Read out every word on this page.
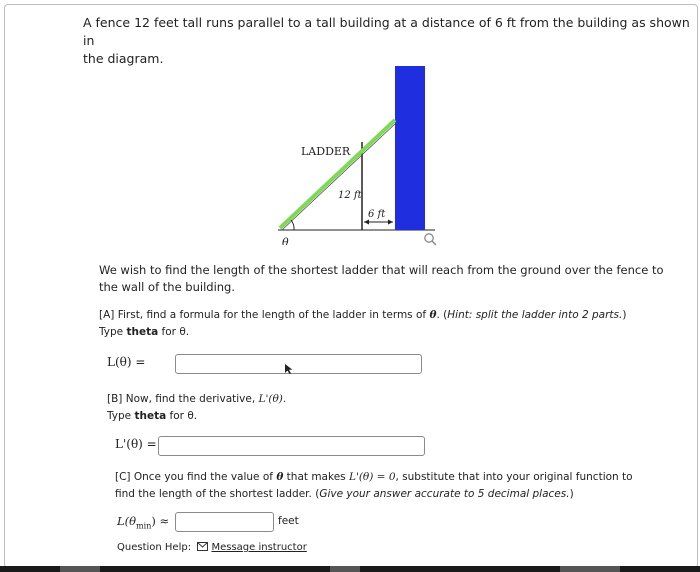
A fence 12 feet tall runs parallel to a tall building at a distance of 6 ft from the building as shown in
the diagram.
LADDER
12 ft
6 ft
θ
We wish to find the length of the shortest ladder that will reach from the ground over the fence to
the wall of the building.
[A] First, find a formula for the length of the ladder in terms of θ. (Hint: split the ladder into 2 parts.)
Type theta for θ.
L(θ) =
[B] Now, find the derivative, L'(θ).
Type theta for θ.
L'(θ) =
[C] Once you find the value of θ that makes L'(θ) = 0, substitute that into your original function to
find the length of the shortest ladder. (Give your answer accurate to 5 decimal places.)
$L(\theta_{min})$ ≈	feet
Question Help: Message instructor
